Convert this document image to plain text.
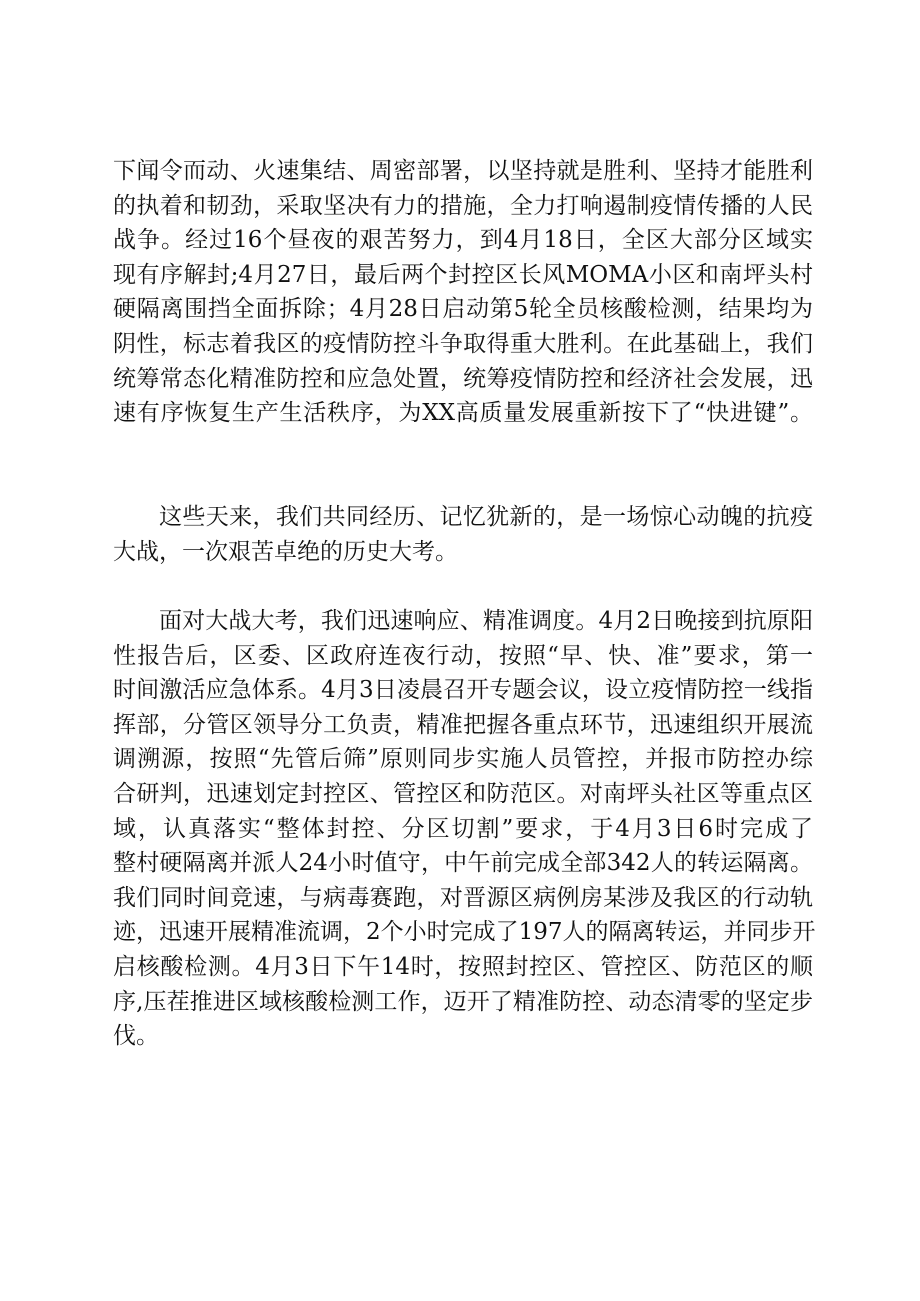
下闻令而动、火速集结、周密部署，以坚持就是胜利、坚持才能胜利
的执着和韧劲，采取坚决有力的措施，全力打响遏制疫情传播的人民
战争。经过16个昼夜的艰苦努力，到4月18日，全区大部分区域实
现有序解封;4月27日，最后两个封控区长风MOMA小区和南坪头村
硬隔离围挡全面拆除；4月28日启动第5轮全员核酸检测，结果均为
阴性，标志着我区的疫情防控斗争取得重大胜利。在此基础上，我们
统筹常态化精准防控和应急处置，统筹疫情防控和经济社会发展，迅
速有序恢复生产生活秩序，为XX高质量发展重新按下了“快进键”。
这些天来，我们共同经历、记忆犹新的，是一场惊心动魄的抗疫
大战，一次艰苦卓绝的历史大考。
面对大战大考，我们迅速响应、精准调度。4月2日晚接到抗原阳
性报告后，区委、区政府连夜行动，按照“早、快、准”要求，第一
时间激活应急体系。4月3日凌晨召开专题会议，设立疫情防控一线指
挥部，分管区领导分工负责，精准把握各重点环节，迅速组织开展流
调溯源，按照“先管后筛”原则同步实施人员管控，并报市防控办综
合研判，迅速划定封控区、管控区和防范区。对南坪头社区等重点区
域，认真落实“整体封控、分区切割”要求，于4月3日6时完成了
整村硬隔离并派人24小时值守，中午前完成全部342人的转运隔离。
我们同时间竞速，与病毒赛跑，对晋源区病例房某涉及我区的行动轨
迹，迅速开展精准流调，2个小时完成了197人的隔离转运，并同步开
启核酸检测。4月3日下午14时，按照封控区、管控区、防范区的顺
序,压茬推进区域核酸检测工作，迈开了精准防控、动态清零的坚定步
伐。
